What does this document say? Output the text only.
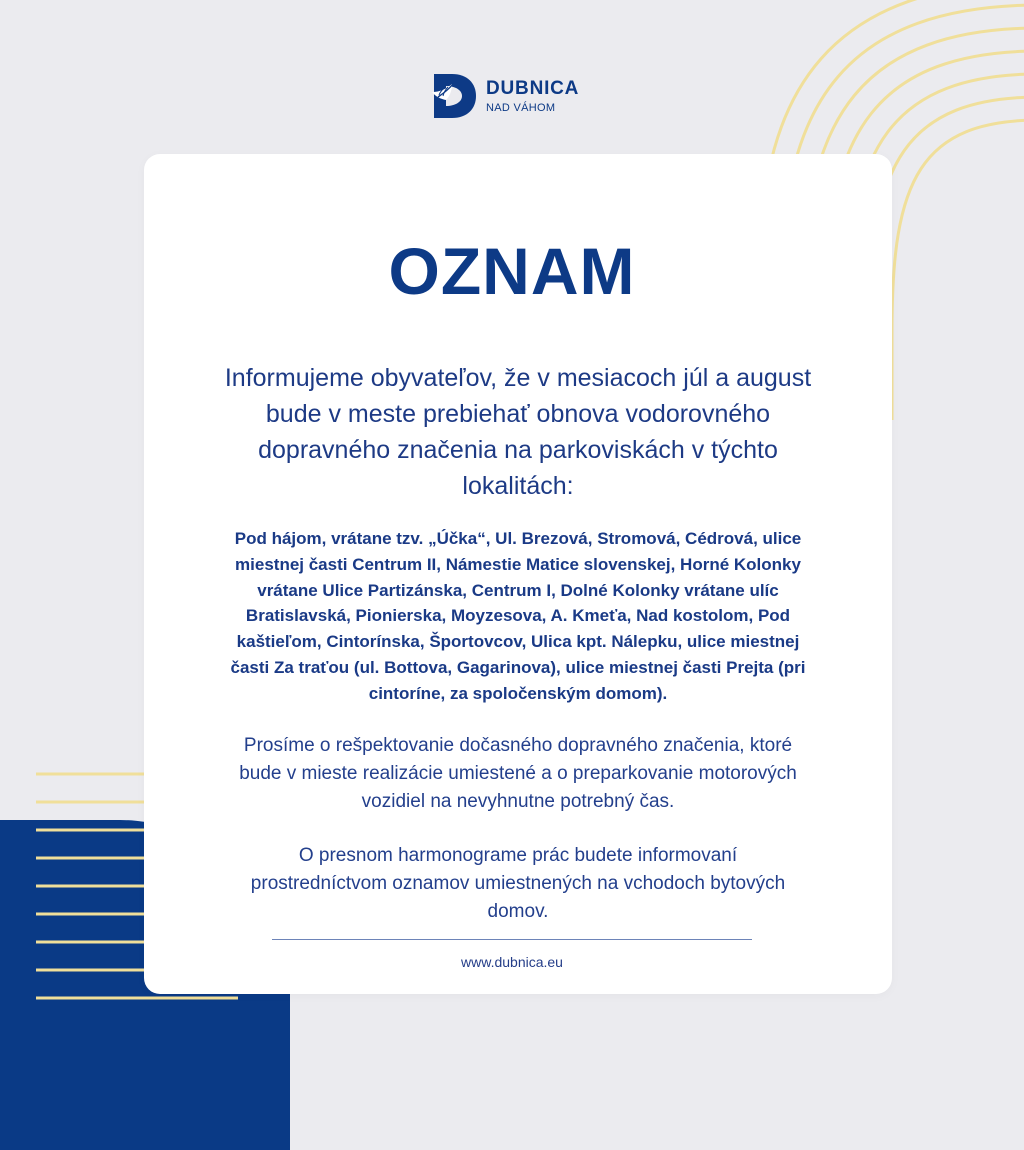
DUBNICA
NAD VÁHOM
OZNAM
Informujeme obyvateľov, že v mesiacoch júl a august
bude v meste prebiehať obnova vodorovného
dopravného značenia na parkoviskách v týchto
lokalitách:
Pod hájom, vrátane tzv. „Účka“, Ul. Brezová, Stromová, Cédrová, ulice
miestnej časti Centrum II, Námestie Matice slovenskej, Horné Kolonky
vrátane Ulice Partizánska, Centrum I, Dolné Kolonky vrátane ulíc
Bratislavská, Pionierska, Moyzesova, A. Kmeťa, Nad kostolom, Pod
kaštieľom, Cintorínska, Športovcov, Ulica kpt. Nálepku, ulice miestnej
časti Za traťou (ul. Bottova, Gagarinova), ulice miestnej časti Prejta (pri
cintoríne, za spoločenským domom).
Prosíme o rešpektovanie dočasného dopravného značenia, ktoré
bude v mieste realizácie umiestené a o preparkovanie motorových
vozidiel na nevyhnutne potrebný čas.
O presnom harmonograme prác budete informovaní
prostredníctvom oznamov umiestnených na vchodoch bytových
domov.
www.dubnica.eu
